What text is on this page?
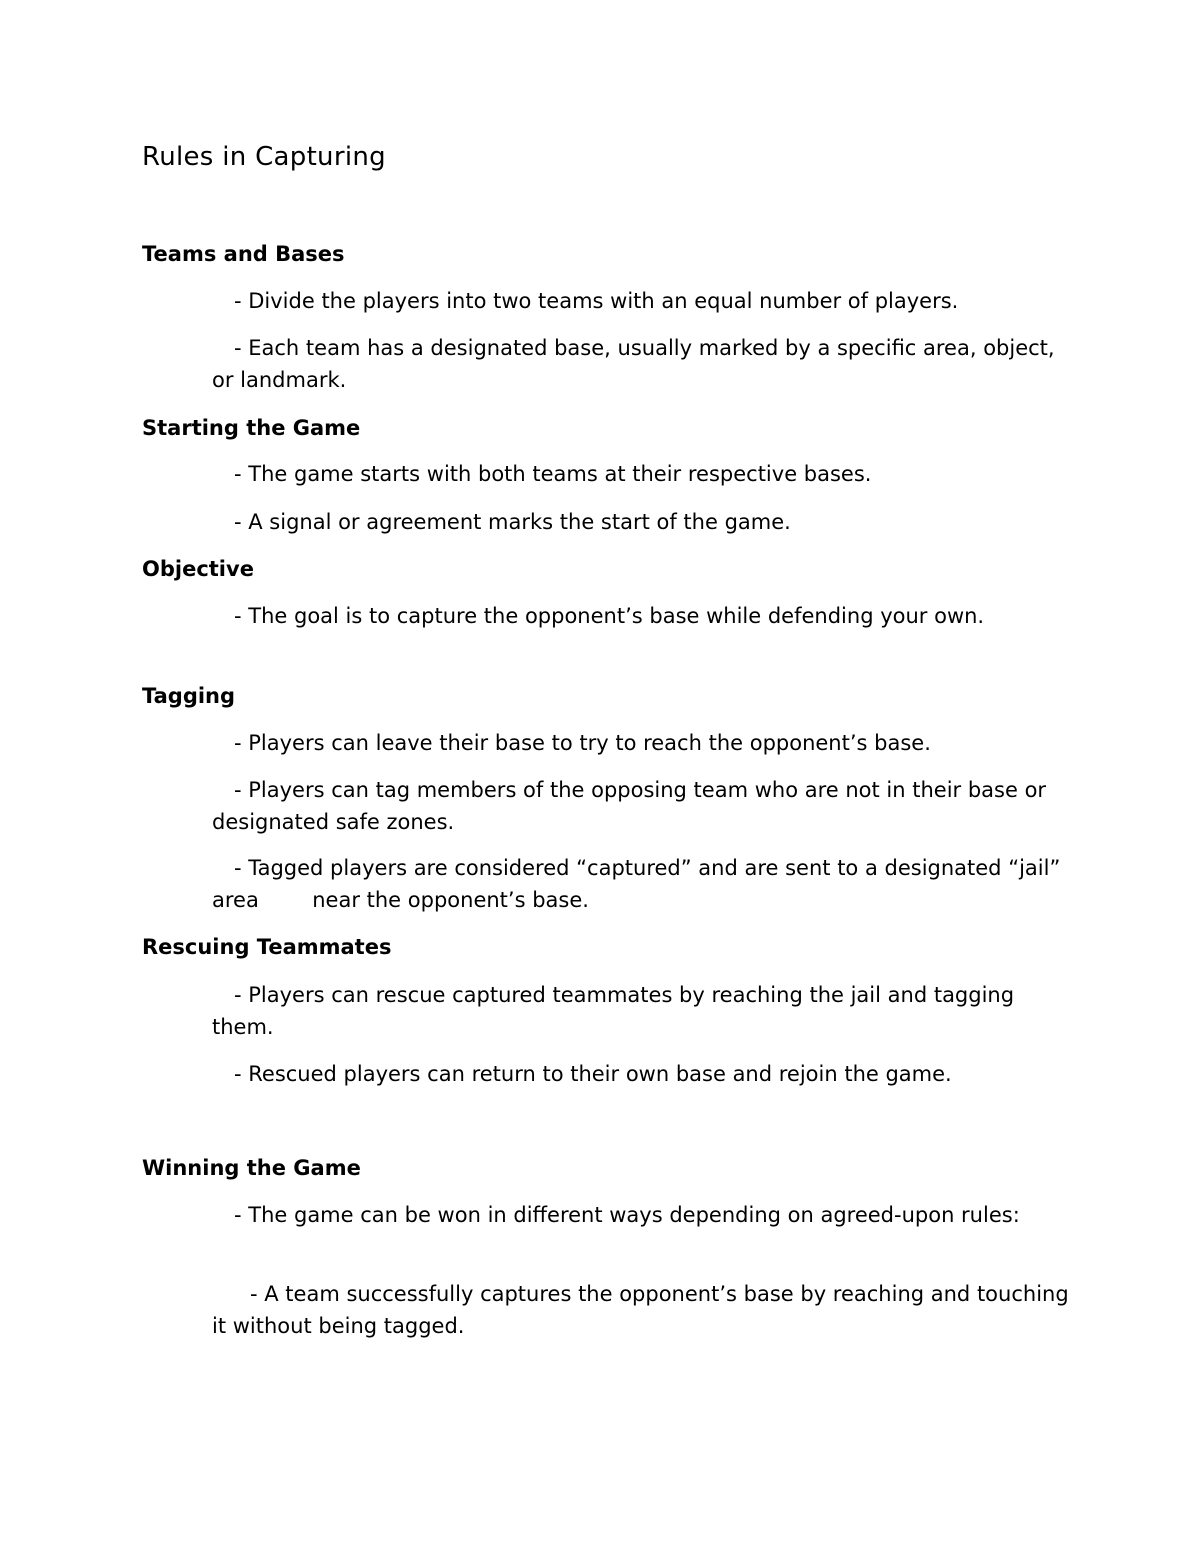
Rules in Capturing
Teams and Bases

- Divide the players into two teams with an equal number of players.

- Each team has a designated base, usually marked by a specific area, object, or landmark.

Starting the Game

- The game starts with both teams at their respective bases.

- A signal or agreement marks the start of the game.

Objective

- The goal is to capture the opponent’s base while defending your own.

Tagging

- Players can leave their base to try to reach the opponent’s base.

- Players can tag members of the opposing team who are not in their base or designated safe zones.

- Tagged players are considered “captured” and are sent to a designated “jail” area        near the opponent’s base.

Rescuing Teammates

- Players can rescue captured teammates by reaching the jail and tagging them.

- Rescued players can return to their own base and rejoin the game.

Winning the Game

- The game can be won in different ways depending on agreed-upon rules:

- A team successfully captures the opponent’s base by reaching and touching it without being tagged.
